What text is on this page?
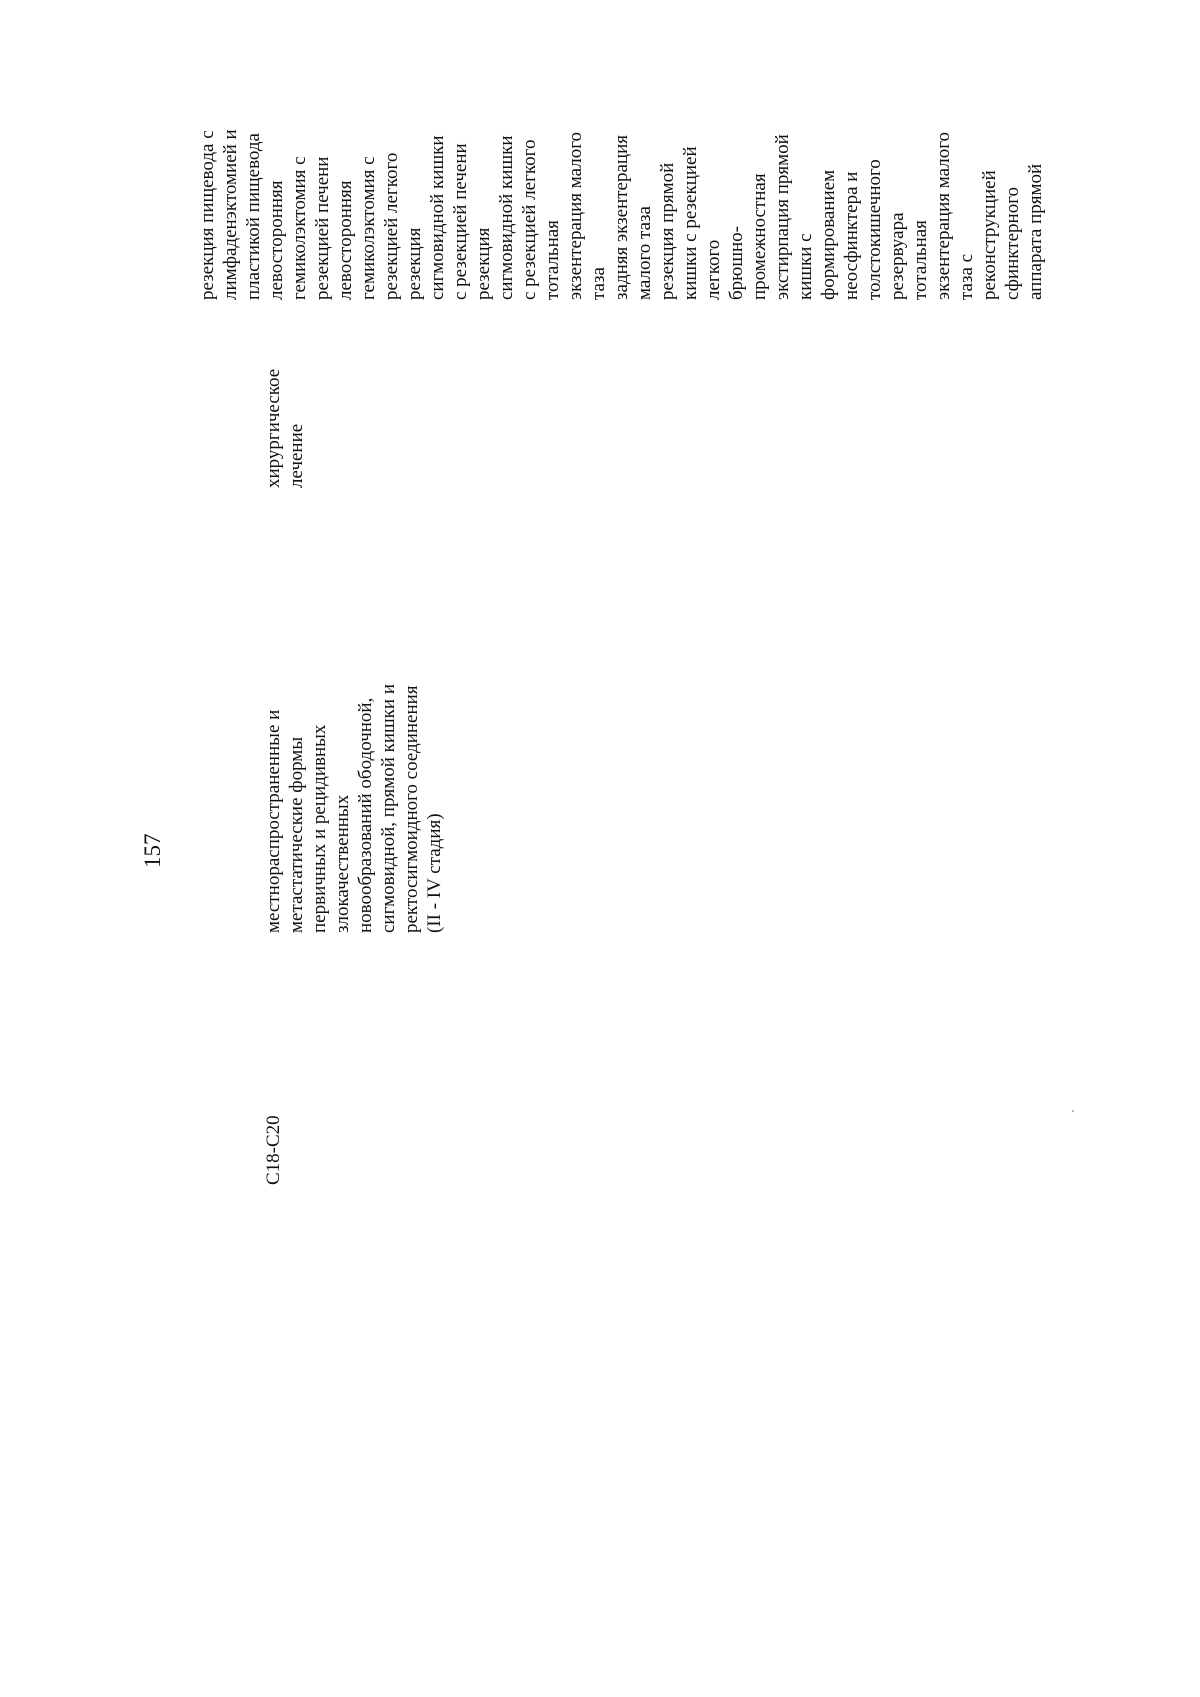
157
C18-C20
местнораспространенные и метастатические формы первичных и рецидивных злокачественных новообразований ободочной, сигмовидной, прямой кишки и ректосигмоидного соединения (II - IV стадия)
хирургическое лечение
резекция пищевода с лимфаденэктомией и пластикой пищевода левосторонняя гемиколэктомия с резекцией печени левосторонняя гемиколэктомия с резекцией легкого резекция сигмовидной кишки с резекцией печени резекция сигмовидной кишки с резекцией легкого тотальная экзентерация малого таза задняя экзентерация малого таза резекция прямой кишки с резекцией легкого брюшно- промежностная экстирпация прямой кишки с формированием неосфинктера и толстокишечного резервуара тотальная экзентерация малого таза с реконструкцией сфинктерного аппарата прямой
